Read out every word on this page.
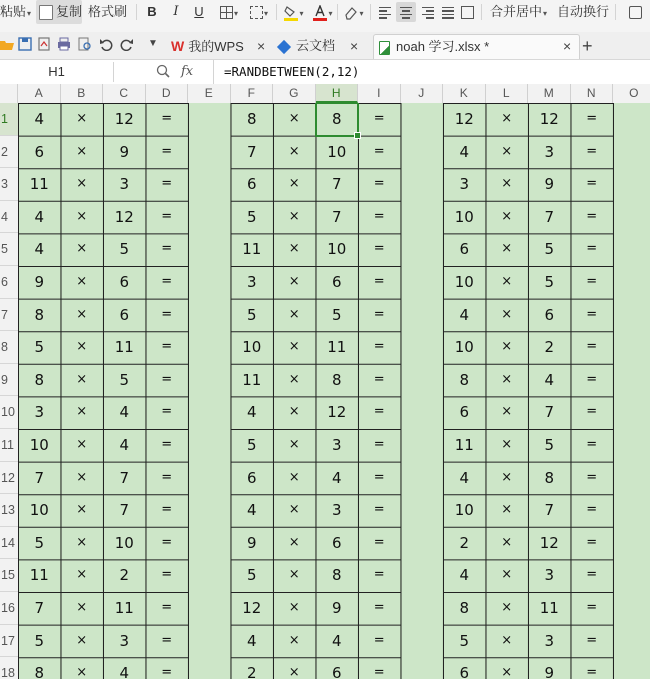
粘贴▾	复制 格式刷	B	I	U	▾	▾	▾	▾	▾	合并居中▾ 自动换行
▼ W 我的WPS ×	云文档	×	noah 学习.xlsx *	× +
H1	fx	=RANDBETWEEN(2,12)
A	B	C	D	E	F	G	H	I	J	K	L	M	N	O
1
2
3
4
5
6
7
8
9
10
11
12
13
14
15
16
17
18
4	×	12	=	8	×	8	=	12	×	12	=
6	×	9	=	7	×	10	=	4	×	3	=
11	×	3	=	6	×	7	=	3	×	9	=
4	×	12	=	5	×	7	=	10	×	7	=
4	×	5	=	11	×	10	=	6	×	5	=
9	×	6	=	3	×	6	=	10	×	5	=
8	×	6	=	5	×	5	=	4	×	6	=
5	×	11	=	10	×	11	=	10	×	2	=
8	×	5	=	11	×	8	=	8	×	4	=
3	×	4	=	4	×	12	=	6	×	7	=
10	×	4	=	5	×	3	=	11	×	5	=
7	×	7	=	6	×	4	=	4	×	8	=
10	×	7	=	4	×	3	=	10	×	7	=
5	×	10	=	9	×	6	=	2	×	12	=
11	×	2	=	5	×	8	=	4	×	3	=
7	×	11	=	12	×	9	=	8	×	11	=
5	×	3	=	4	×	4	=	5	×	3	=
8	×	4	=	2	×	6	=	6	×	9	=
